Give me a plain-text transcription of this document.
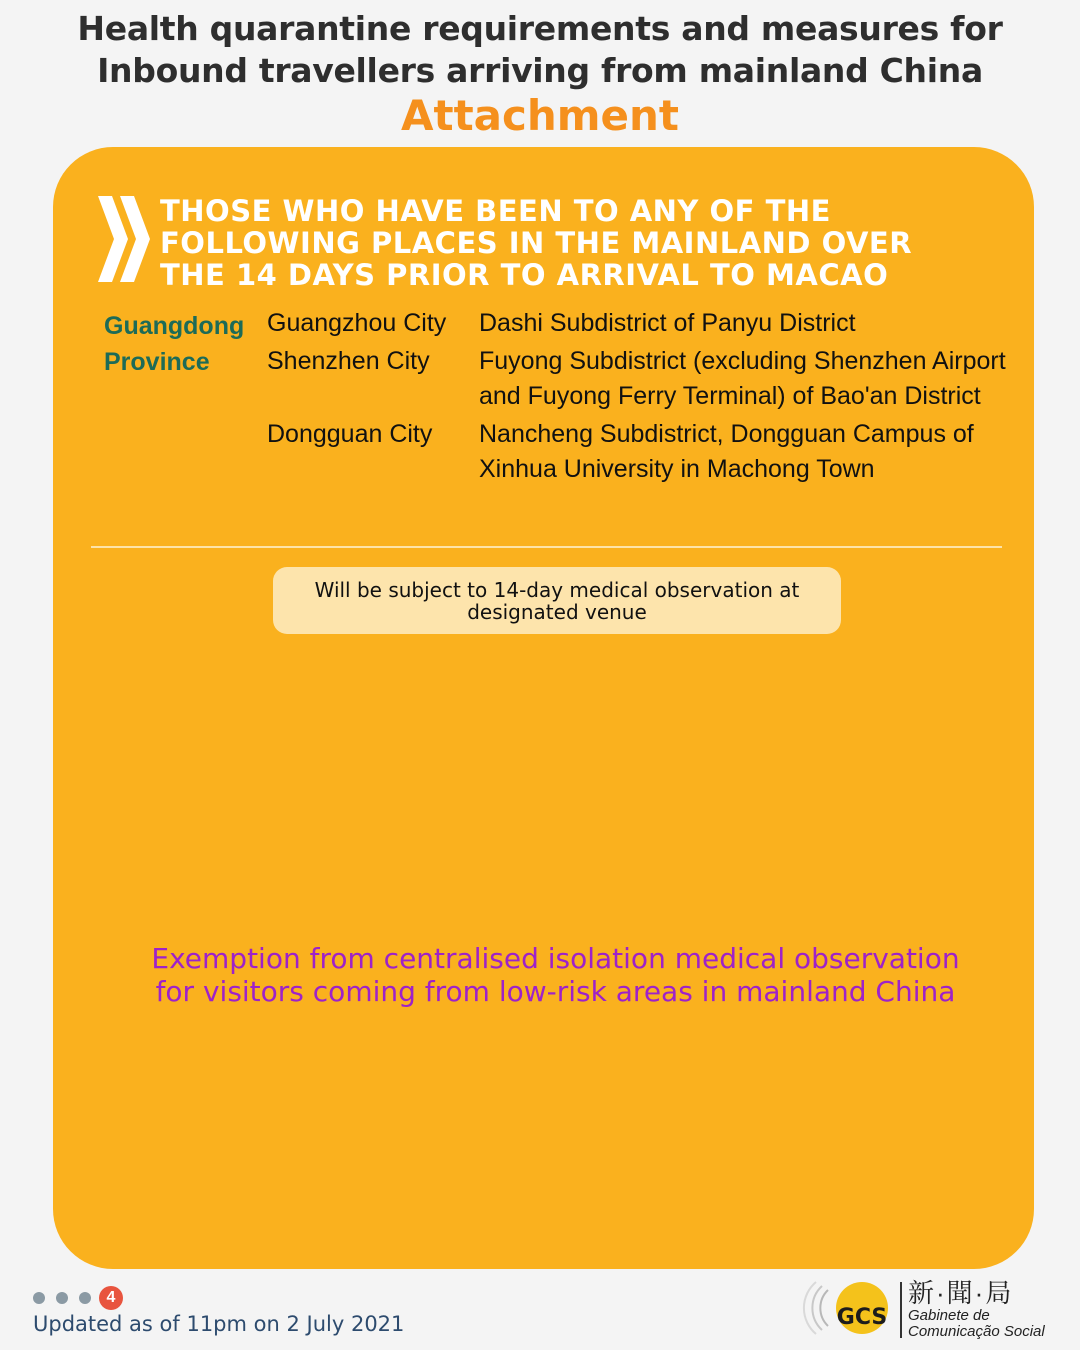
Health quarantine requirements and measures for
Inbound travellers arriving from mainland China
Attachment
THOSE WHO HAVE BEEN TO ANY OF THE
FOLLOWING PLACES IN THE MAINLAND OVER
THE 14 DAYS PRIOR TO ARRIVAL TO MACAO
Guangdong Province
Guangzhou City	Dashi Subdistrict of Panyu District
Shenzhen City	Fuyong Subdistrict (excluding Shenzhen Airport and Fuyong Ferry Terminal) of Bao'an District
Dongguan City	Nancheng Subdistrict, Dongguan Campus of Xinhua University in Machong Town
Will be subject to 14-day medical observation at designated venue
Exemption from centralised isolation medical observation
for visitors coming from low-risk areas in mainland China
4
Updated as of 11pm on 2 July 2021	GCS
新·聞·局
Gabinete de
Comunicação Social
